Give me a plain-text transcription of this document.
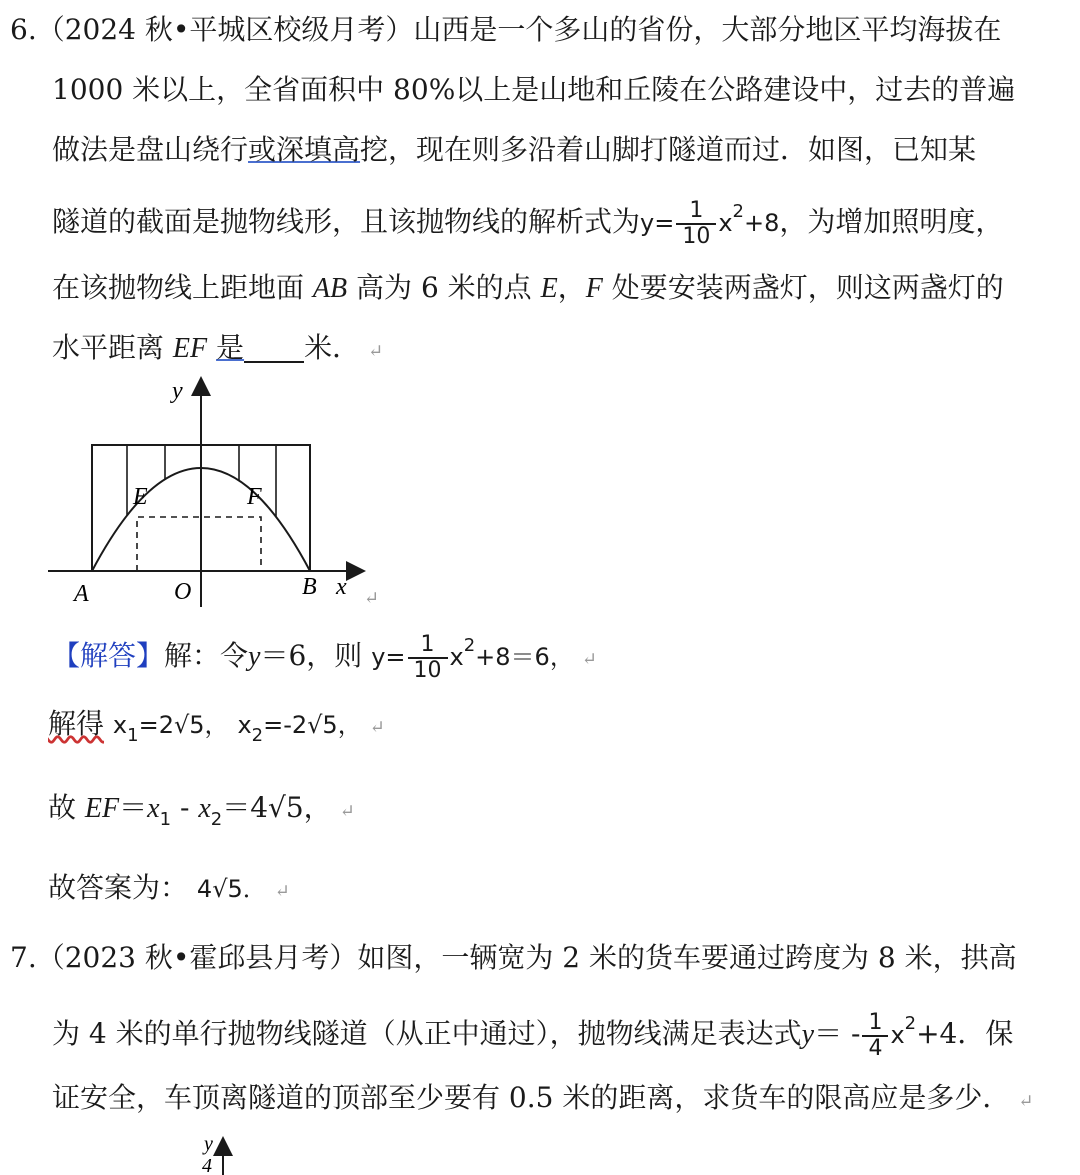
6.（2024 秋•平城区校级月考）山西是一个多山的省份，大部分地区平均海拔在
1000 米以上，全省面积中 80%以上是山地和丘陵在公路建设中，过去的普遍
做法是盘山绕行或深填高挖，现在则多沿着山脚打隧道而过．如图，已知某
隧道的截面是抛物线形，且该抛物线的解析式为$y= \frac{1}{10} x^2+8$，为增加照明度，
在该抛物线上距地面 AB 高为 6 米的点 E，F 处要安装两盏灯，则这两盏灯的
水平距离 EF 是 米． ↵
y
E	F
A	O	B x ↵
【解答】解：令y＝6，则 $y= \frac{1}{10} x^2+8=6$， ↵
解得 $x_1=2√5$， $x_2=-2√5$， ↵
故 $EF=x_1 - x_2=4√5$， ↵
故答案为： 4√5． ↵
7.（2023 秋•霍邱县月考）如图，一辆宽为 2 米的货车要通过跨度为 8 米，拱高
为 4 米的单行抛物线隧道（从正中通过），抛物线满足表达式$y= - \frac{1}{4} x^2+4$．保
证安全，车顶离隧道的顶部至少要有 0.5 米的距离，求货车的限高应是多少． ↵
y
4
